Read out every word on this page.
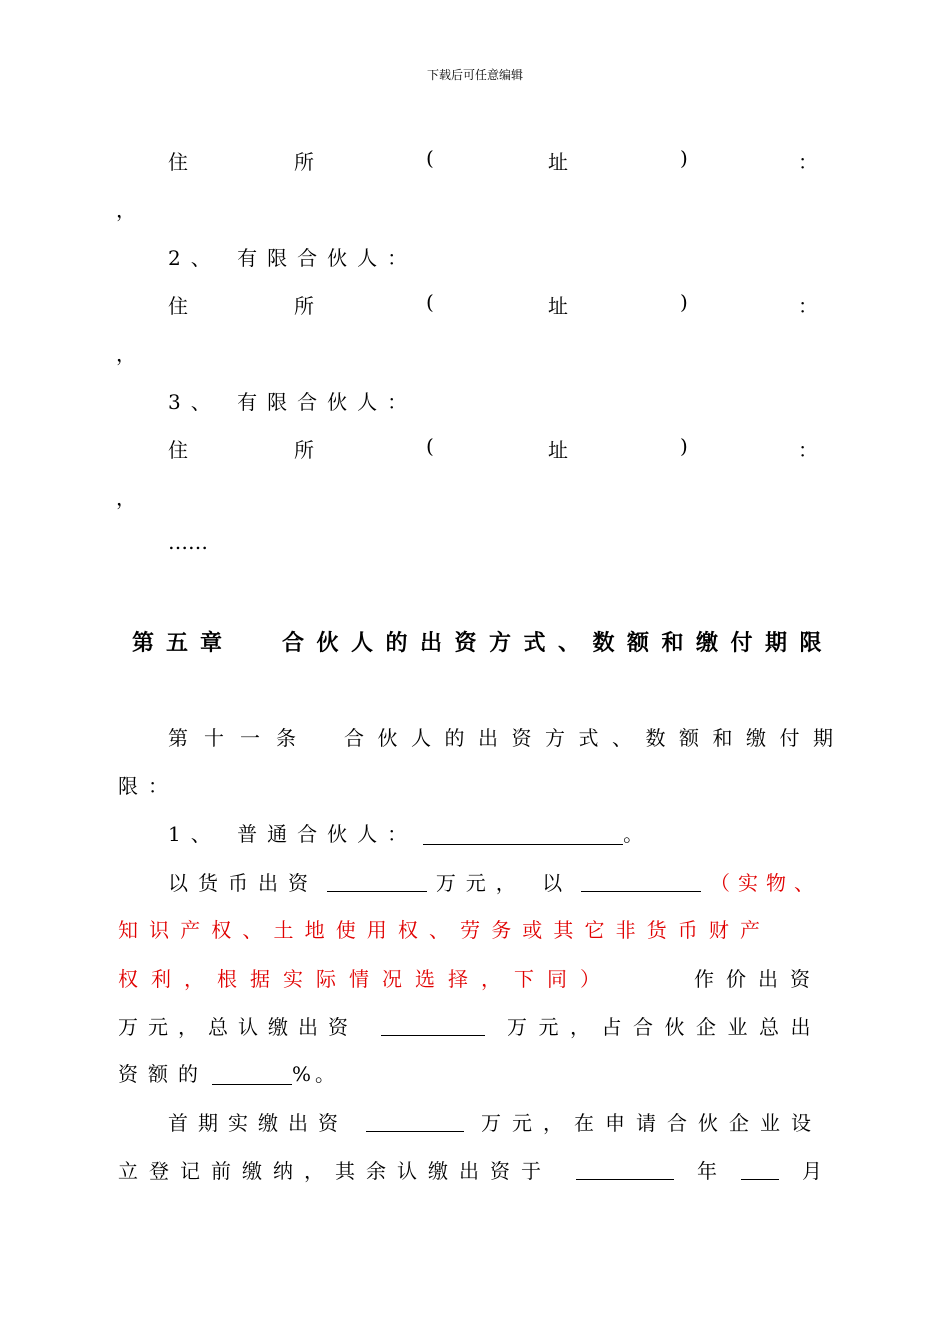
下载后可任意编辑
住	所	(	址	)	：
，
2、 有限合伙人：
住	所	(	址	)	：
，
3、 有限合伙人：
住	所	(	址	)	：
，
……
第五章 合伙人的出资方式、数额和缴付期限
第十一条 合伙人的出资方式、数额和缴付期
限：
1、 普通合伙人：	。
以货币出资	万元， 以	（实物、
知识产权、土地使用权、劳务或其它非货币财产
权利，根据实际情况选择，下同）	作价出资
万元，总认缴出资	万元，占合伙企业总出
资额的	%。
首期实缴出资	万元，在申请合伙企业设
立登记前缴纳，其余认缴出资于	年	月
